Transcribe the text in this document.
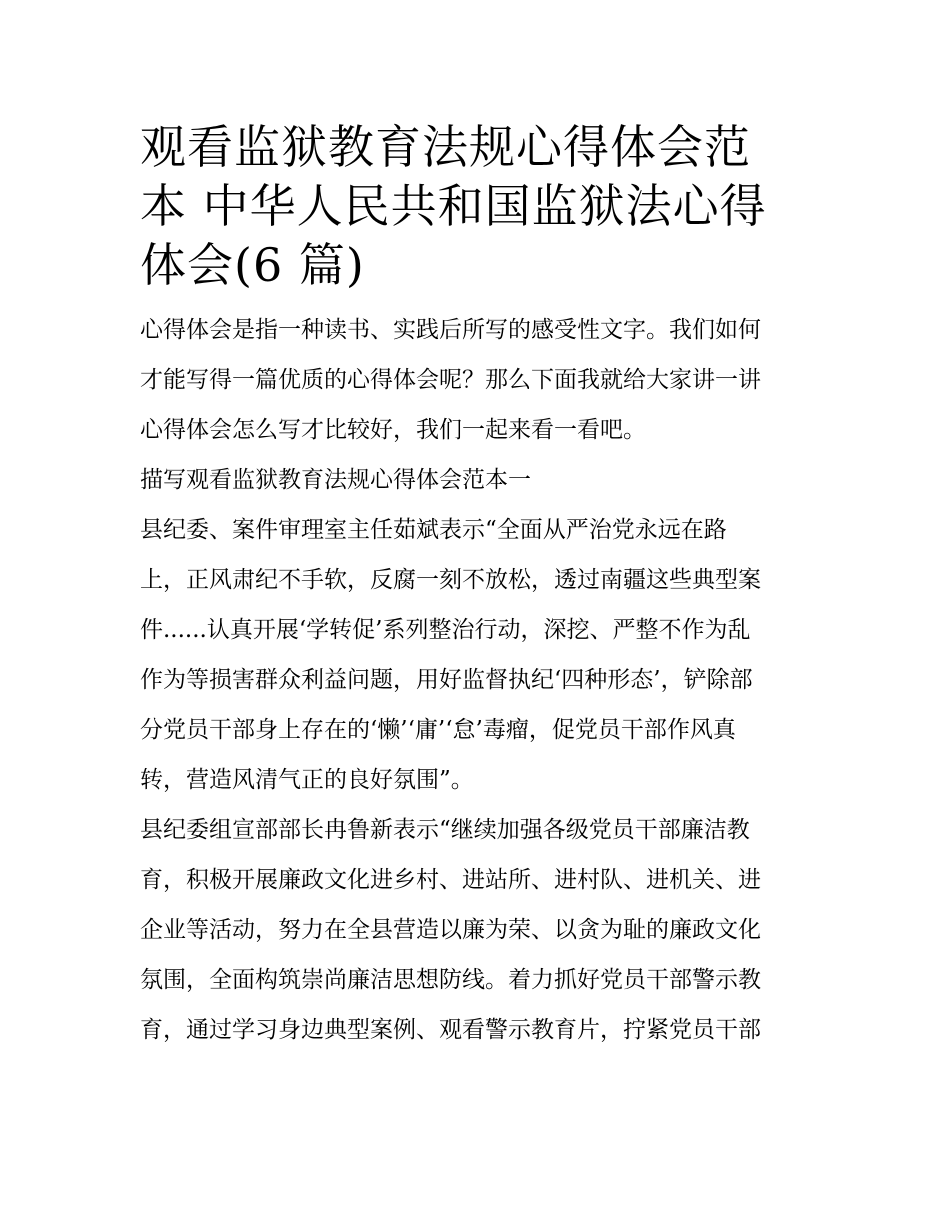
观看监狱教育法规心得体会范
本 中华人民共和国监狱法心得
体会(6 篇)

心得体会是指一种读书、实践后所写的感受性文字。我们如何
才能写得一篇优质的心得体会呢？那么下面我就给大家讲一讲
心得体会怎么写才比较好，我们一起来看一看吧。

描写观看监狱教育法规心得体会范本一

县纪委、案件审理室主任茹斌表示“全面从严治党永远在路
上，正风肃纪不手软，反腐一刻不放松，透过南疆这些典型案
件......认真开展‘学转促’系列整治行动，深挖、严整不作为乱
作为等损害群众利益问题，用好监督执纪‘四种形态’，铲除部
分党员干部身上存在的‘懒’‘庸’‘怠’毒瘤，促党员干部作风真
转，营造风清气正的良好氛围”。

县纪委组宣部部长冉鲁新表示“继续加强各级党员干部廉洁教
育，积极开展廉政文化进乡村、进站所、进村队、进机关、进
企业等活动，努力在全县营造以廉为荣、以贪为耻的廉政文化
氛围，全面构筑崇尚廉洁思想防线。着力抓好党员干部警示教
育，通过学习身边典型案例、观看警示教育片，拧紧党员干部
